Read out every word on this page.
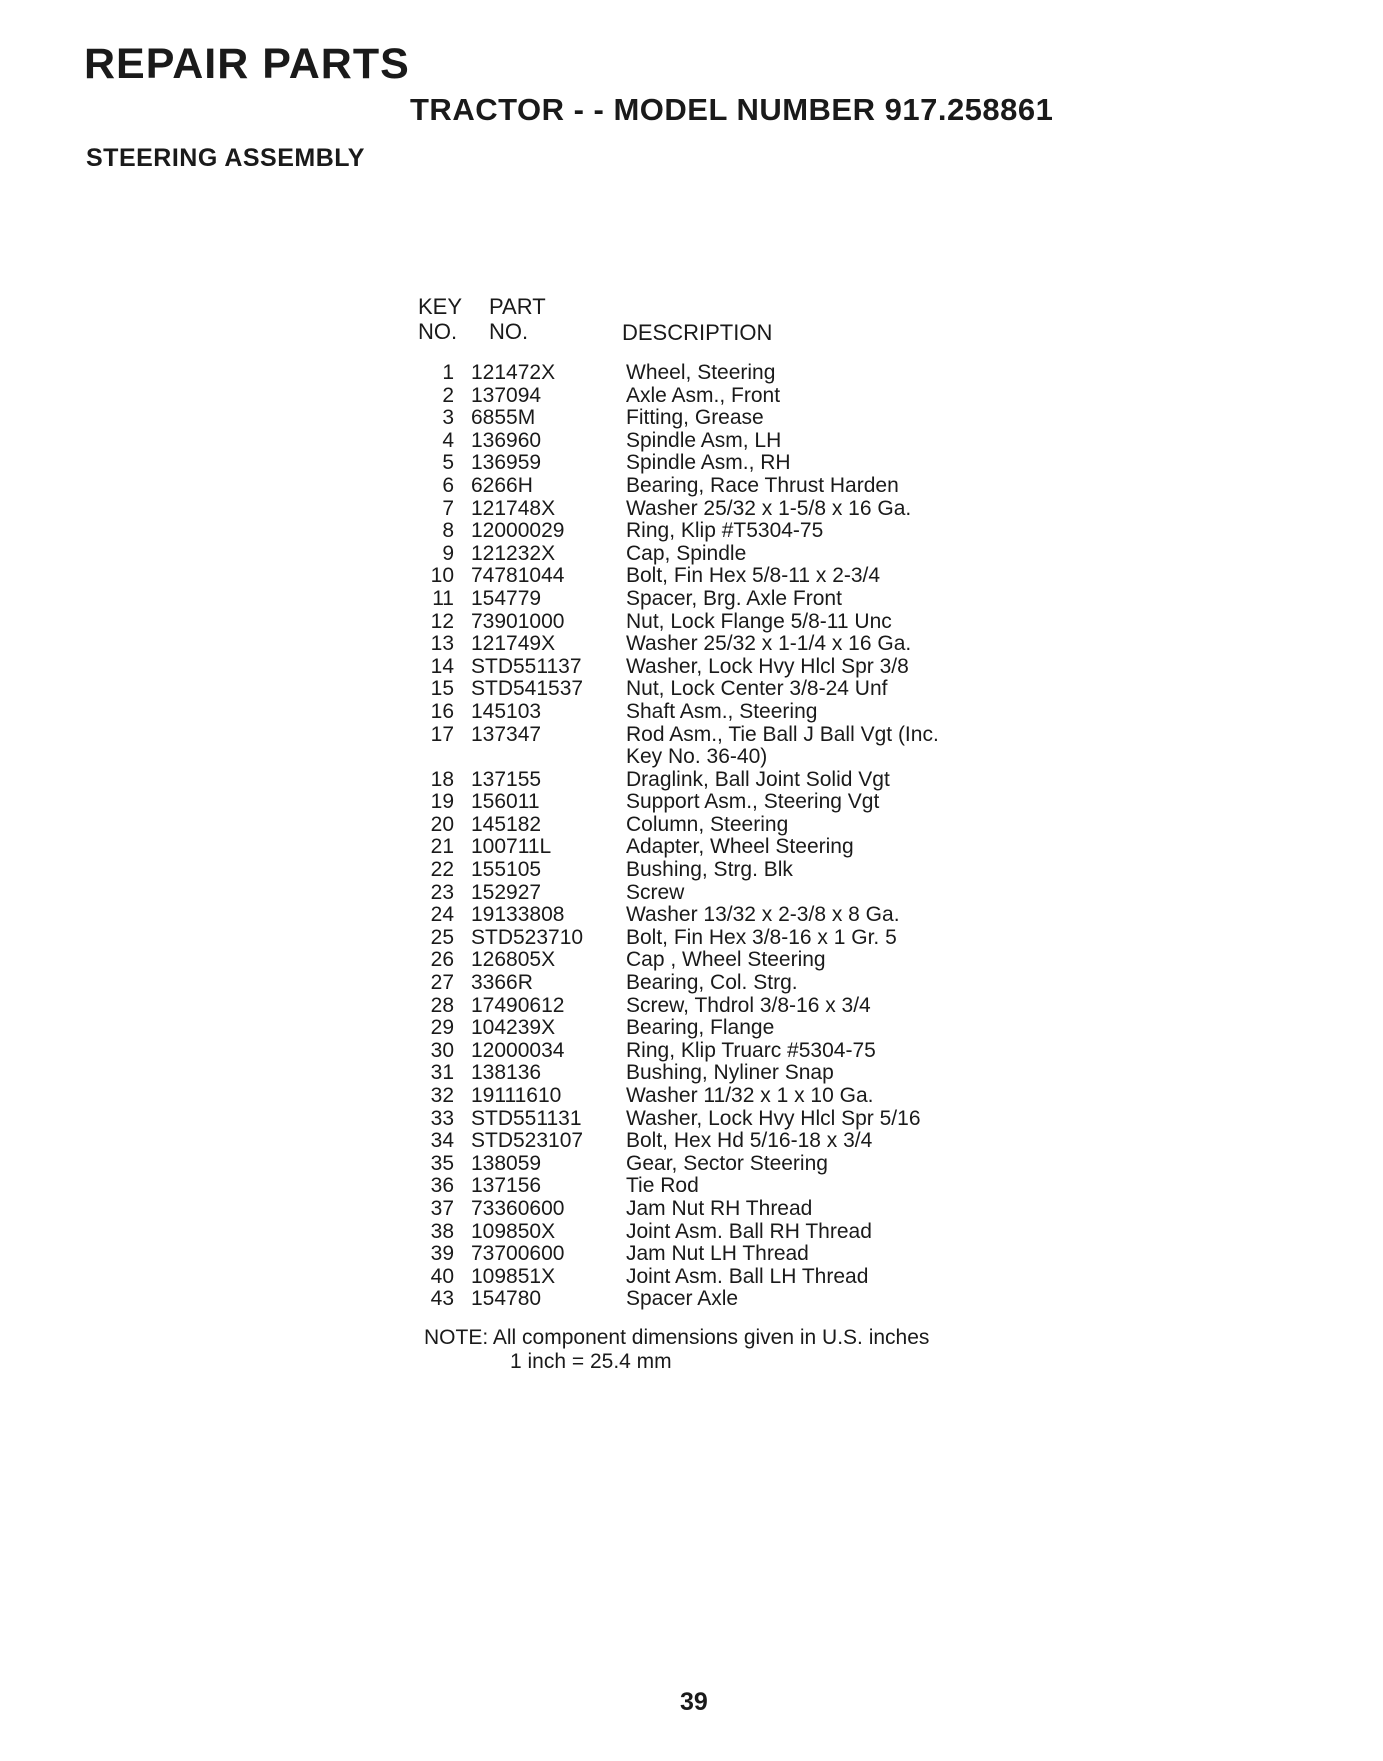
REPAIR PARTS
TRACTOR - - MODEL NUMBER 917.258861
STEERING ASSEMBLY
KEY
NO.
PART
NO.	DESCRIPTION
1 121472X	Wheel, Steering
2 137094	Axle Asm., Front
3 6855M	Fitting, Grease
4 136960	Spindle Asm, LH
5 136959	Spindle Asm., RH
6 6266H	Bearing, Race Thrust Harden
7 121748X	Washer 25/32 x 1-5/8 x 16 Ga.
8 12000029	Ring, Klip #T5304-75
9 121232X	Cap, Spindle
10 74781044	Bolt, Fin Hex 5/8-11 x 2-3/4
11 154779	Spacer, Brg. Axle Front
12 73901000	Nut, Lock Flange 5/8-11 Unc
13 121749X	Washer 25/32 x 1-1/4 x 16 Ga.
14 STD551137	Washer, Lock Hvy Hlcl Spr 3/8
15 STD541537	Nut, Lock Center 3/8-24 Unf
16 145103	Shaft Asm., Steering
17 137347	Rod Asm., Tie Ball J Ball Vgt (Inc.
Key No. 36-40)
18 137155	Draglink, Ball Joint Solid Vgt
19 156011	Support Asm., Steering Vgt
20 145182	Column, Steering
21 100711L	Adapter, Wheel Steering
22 155105	Bushing, Strg. Blk
23 152927	Screw
24 19133808	Washer 13/32 x 2-3/8 x 8 Ga.
25 STD523710	Bolt, Fin Hex 3/8-16 x 1 Gr. 5
26 126805X	Cap , Wheel Steering
27 3366R	Bearing, Col. Strg.
28 17490612	Screw, Thdrol 3/8-16 x 3/4
29 104239X	Bearing, Flange
30 12000034	Ring, Klip Truarc #5304-75
31 138136	Bushing, Nyliner Snap
32 19111610	Washer 11/32 x 1 x 10 Ga.
33 STD551131	Washer, Lock Hvy Hlcl Spr 5/16
34 STD523107	Bolt, Hex Hd 5/16-18 x 3/4
35 138059	Gear, Sector Steering
36 137156	Tie Rod
37 73360600	Jam Nut RH Thread
38 109850X	Joint Asm. Ball RH Thread
39 73700600	Jam Nut LH Thread
40 109851X	Joint Asm. Ball LH Thread
43 154780	Spacer Axle
NOTE: All component dimensions given in U.S. inches
1 inch = 25.4 mm
39
